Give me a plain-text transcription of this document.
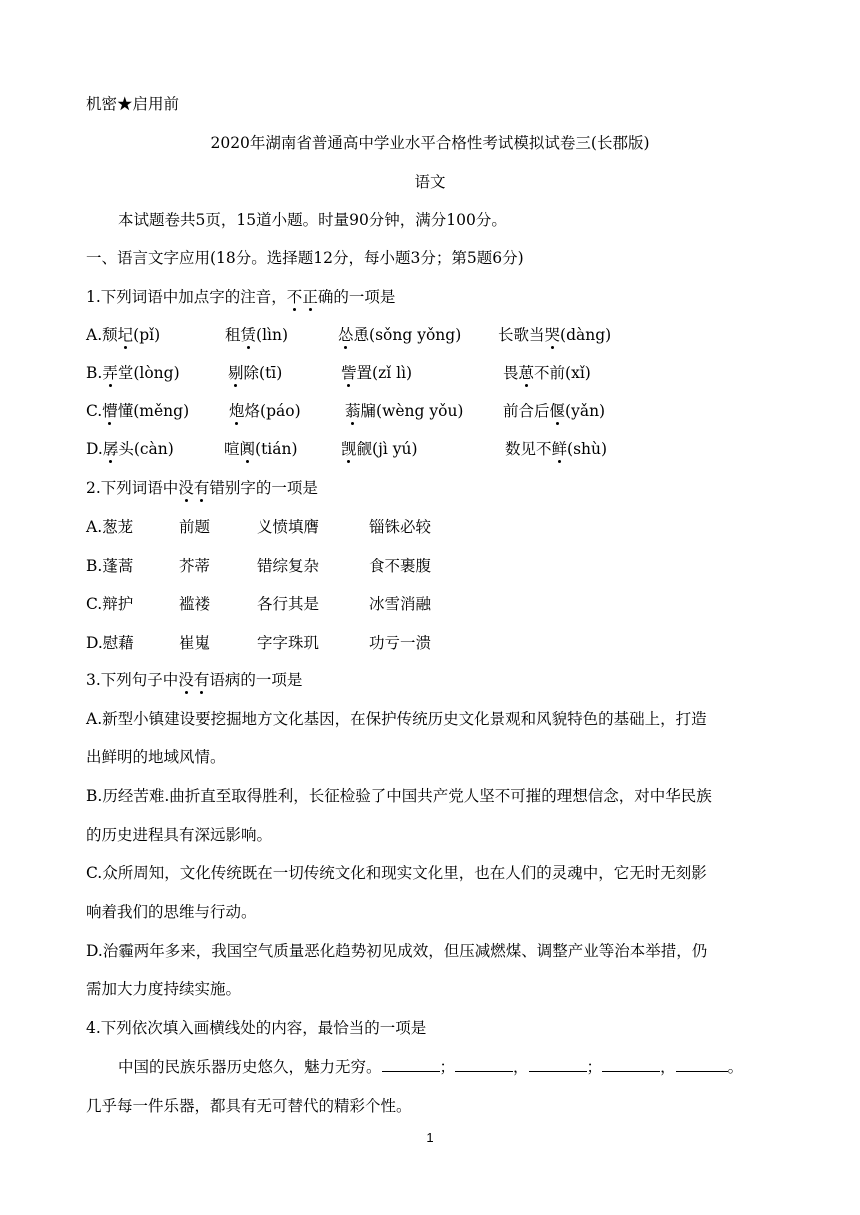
机密★启用前
2020年湖南省普通高中学业水平合格性考试模拟试卷三(长郡版)
语文
本试题卷共5页，15道小题。时量90分钟，满分100分。
一、语言文字应用(18分。选择题12分，每小题3分；第5题6分)
1.下列词语中加点字的注音，不正确的一项是
A.颓圮(pǐ)	租赁(lìn)	怂恿(sǒng yǒng) 长歌当哭(dàng)
B.弄堂(lòng)	剔除(tī)	訾置(zǐ lì)	畏葸不前(xǐ)
C.懵懂(měng)	炮烙(páo)	蓊牖(wèng yǒu)	前合后偃(yǎn)
D.孱头(càn)	喧阗(tián)	觊觎(jì yú)	数见不鲜(shù)
2.下列词语中没有错别字的一项是
A.葱茏	前题	义愤填膺	锱铢必较
B.蓬蒿	芥蒂	错综复杂	食不裹腹
C.辩护	褴褛	各行其是	冰雪消融
D.慰藉	崔嵬	字字珠玑	功亏一溃
3.下列句子中没有语病的一项是
A.新型小镇建设要挖掘地方文化基因，在保护传统历史文化景观和风貌特色的基础上，打造
出鲜明的地域风情。
B.历经苦难.曲折直至取得胜利，长征检验了中国共产党人坚不可摧的理想信念，对中华民族
的历史进程具有深远影响。
C.众所周知，文化传统既在一切传统文化和现实文化里，也在人们的灵魂中，它无时无刻影
响着我们的思维与行动。
D.治霾两年多来，我国空气质量恶化趋势初见成效，但压减燃煤、调整产业等治本举措，仍
需加大力度持续实施。
4.下列依次填入画横线处的内容，最恰当的一项是
中国的民族乐器历史悠久，魅力无穷。	；	，	；	，	。
几乎每一件乐器，都具有无可替代的精彩个性。
1
